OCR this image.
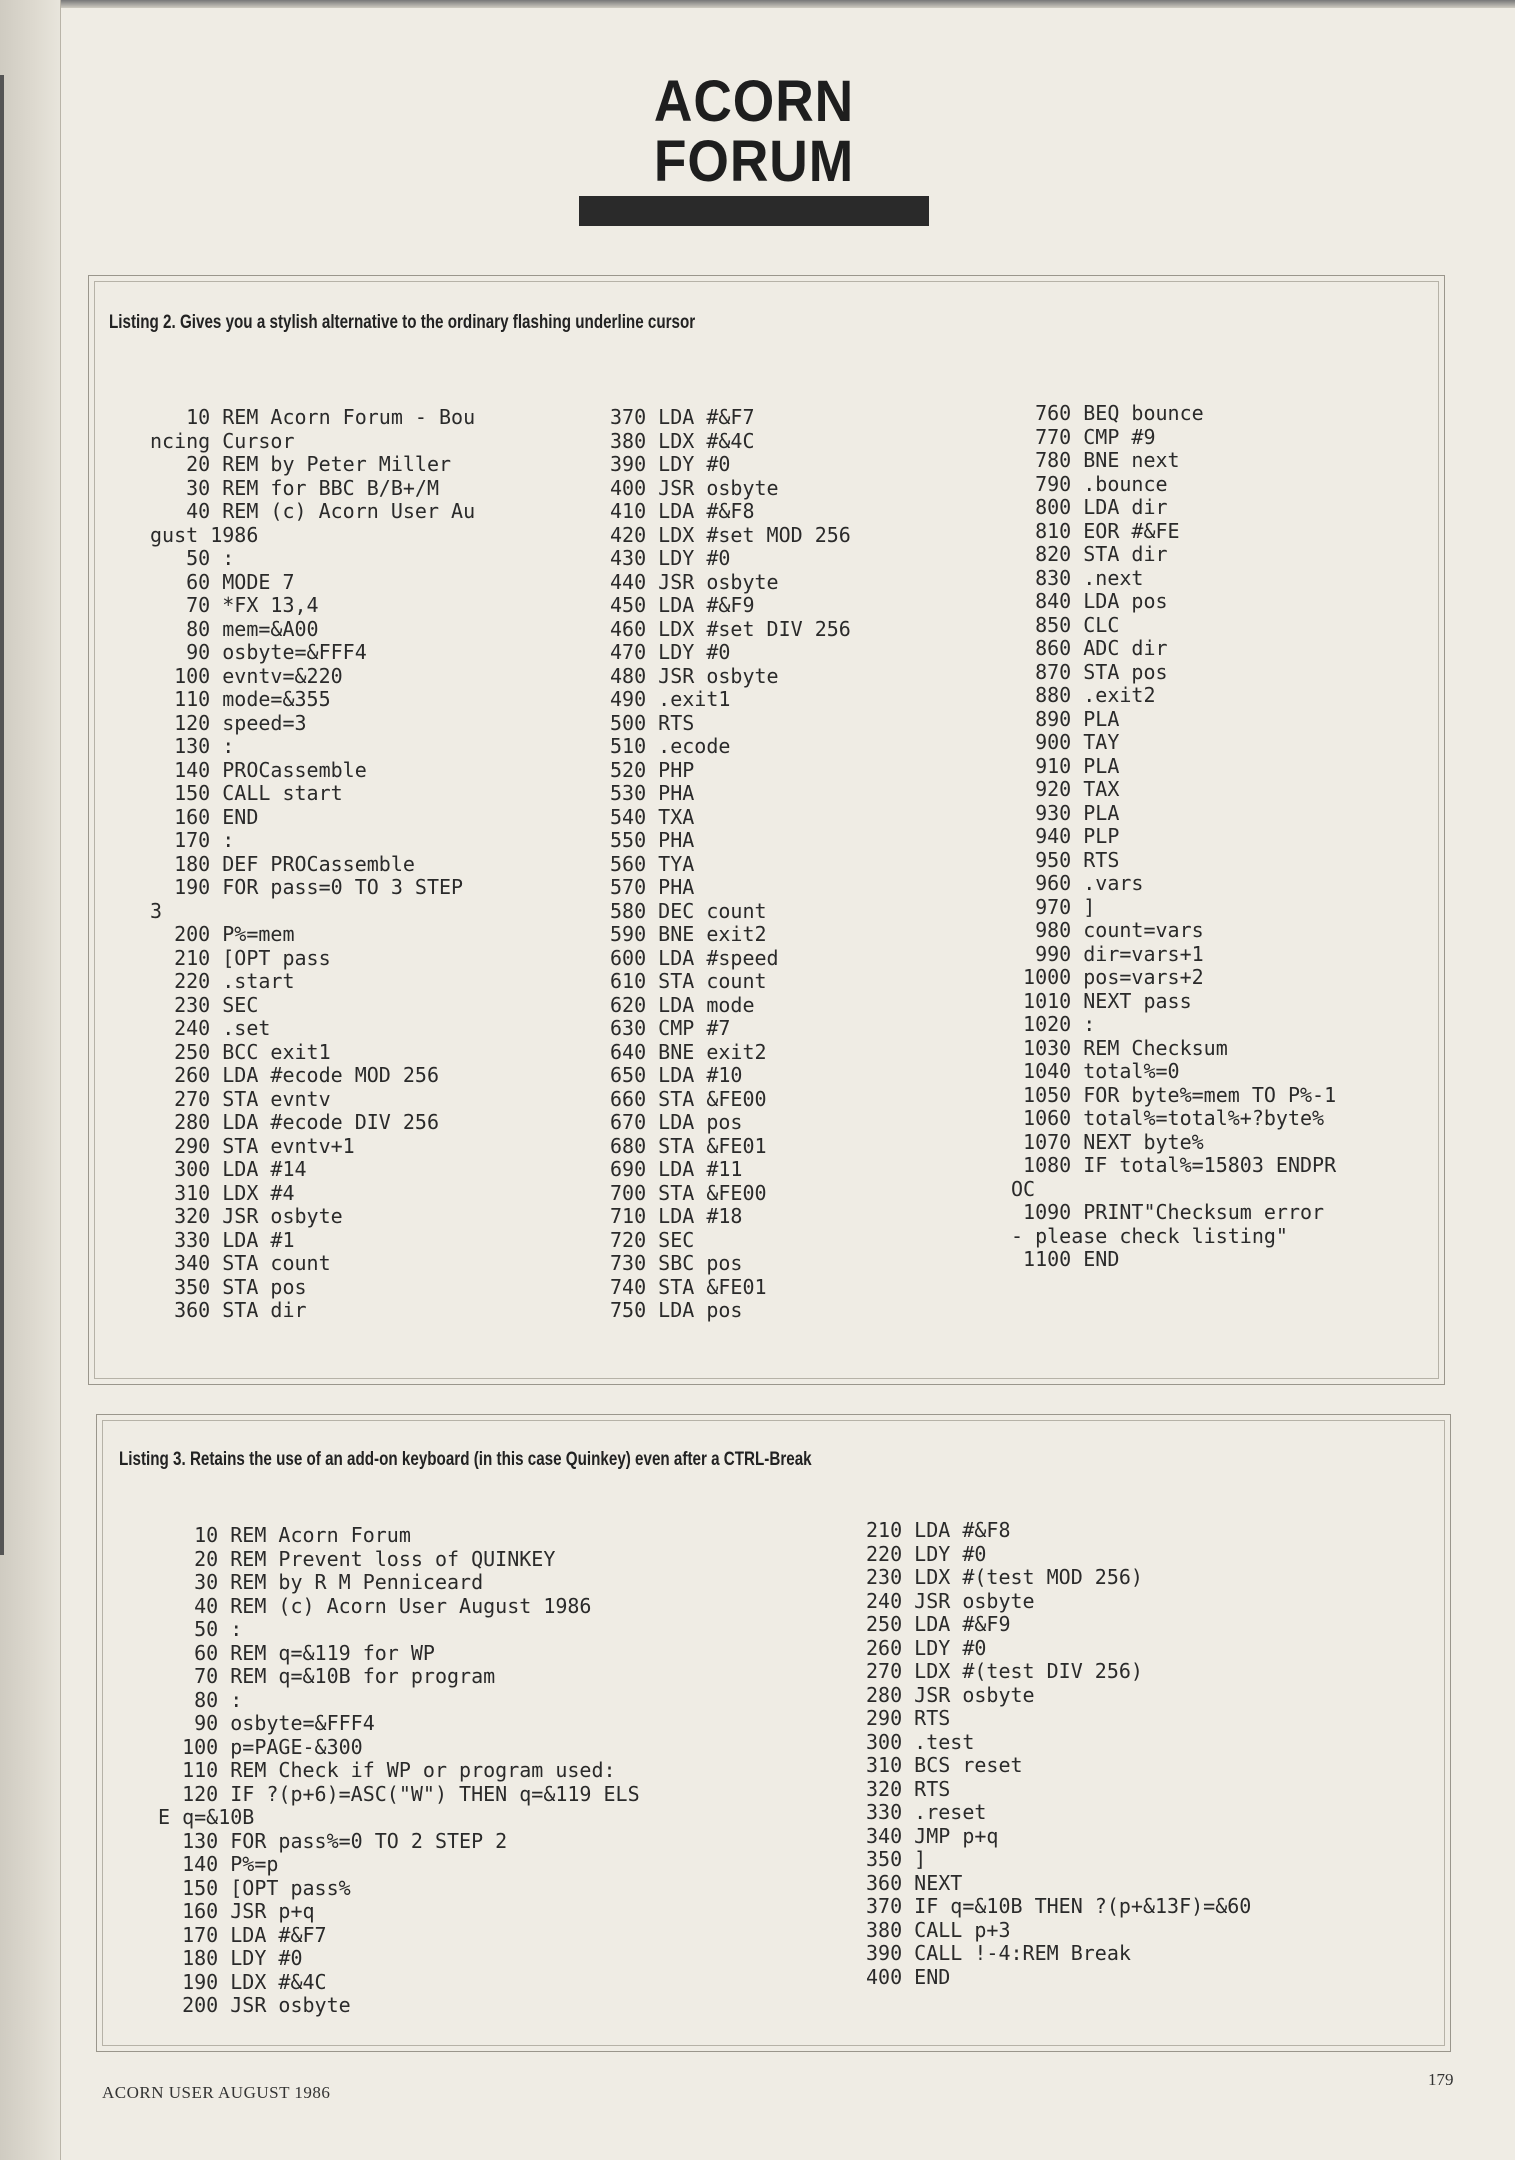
ACORN FORUM
Listing 2. Gives you a stylish alternative to the ordinary flashing underline cursor
10 REM Acorn Forum - Bou
ncing Cursor
20 REM by Peter Miller
30 REM for BBC B/B+/M
40 REM (c) Acorn User Au
gust 1986
50 :
60 MODE 7
70 *FX 13,4
80 mem=&A00
90 osbyte=&FFF4
100 evntv=&220
110 mode=&355
120 speed=3
130 :
140 PROCassemble
150 CALL start
160 END
170 :
180 DEF PROCassemble
190 FOR pass=0 TO 3 STEP
3
200 P%=mem
210 [OPT pass
220 .start
230 SEC
240 .set
250 BCC exit1
260 LDA #ecode MOD 256
270 STA evntv
280 LDA #ecode DIV 256
290 STA evntv+1
300 LDA #14
310 LDX #4
320 JSR osbyte
330 LDA #1
340 STA count
350 STA pos
360 STA dir
370 LDA #&F7
380 LDX #&4C
390 LDY #0
400 JSR osbyte
410 LDA #&F8
420 LDX #set MOD 256
430 LDY #0
440 JSR osbyte
450 LDA #&F9
460 LDX #set DIV 256
470 LDY #0
480 JSR osbyte
490 .exit1
500 RTS
510 .ecode
520 PHP
530 PHA
540 TXA
550 PHA
560 TYA
570 PHA
580 DEC count
590 BNE exit2
600 LDA #speed
610 STA count
620 LDA mode
630 CMP #7
640 BNE exit2
650 LDA #10
660 STA &FE00
670 LDA pos
680 STA &FE01
690 LDA #11
700 STA &FE00
710 LDA #18
720 SEC
730 SBC pos
740 STA &FE01
750 LDA pos
760 BEQ bounce
770 CMP #9
780 BNE next
790 .bounce
800 LDA dir
810 EOR #&FE
820 STA dir
830 .next
840 LDA pos
850 CLC
860 ADC dir
870 STA pos
880 .exit2
890 PLA
900 TAY
910 PLA
920 TAX
930 PLA
940 PLP
950 RTS
960 .vars
970 ]
980 count=vars
990 dir=vars+1
1000 pos=vars+2
1010 NEXT pass
1020 :
1030 REM Checksum
1040 total%=0
1050 FOR byte%=mem TO P%-1
1060 total%=total%+?byte%
1070 NEXT byte%
1080 IF total%=15803 ENDPR
OC
1090 PRINT"Checksum error
- please check listing"
1100 END
Listing 3. Retains the use of an add-on keyboard (in this case Quinkey) even after a CTRL-Break
10 REM Acorn Forum
20 REM Prevent loss of QUINKEY
30 REM by R M Penniceard
40 REM (c) Acorn User August 1986
50 :
60 REM q=&119 for WP
70 REM q=&10B for program
80 :
90 osbyte=&FFF4
100 p=PAGE-&300
110 REM Check if WP or program used:
120 IF ?(p+6)=ASC("W") THEN q=&119 ELS
E q=&10B
130 FOR pass%=0 TO 2 STEP 2
140 P%=p
150 [OPT pass%
160 JSR p+q
170 LDA #&F7
180 LDY #0
190 LDX #&4C
200 JSR osbyte
210 LDA #&F8
220 LDY #0
230 LDX #(test MOD 256)
240 JSR osbyte
250 LDA #&F9
260 LDY #0
270 LDX #(test DIV 256)
280 JSR osbyte
290 RTS
300 .test
310 BCS reset
320 RTS
330 .reset
340 JMP p+q
350 ]
360 NEXT
370 IF q=&10B THEN ?(p+&13F)=&60
380 CALL p+3
390 CALL !-4:REM Break
400 END
ACORN USER AUGUST 1986
179
